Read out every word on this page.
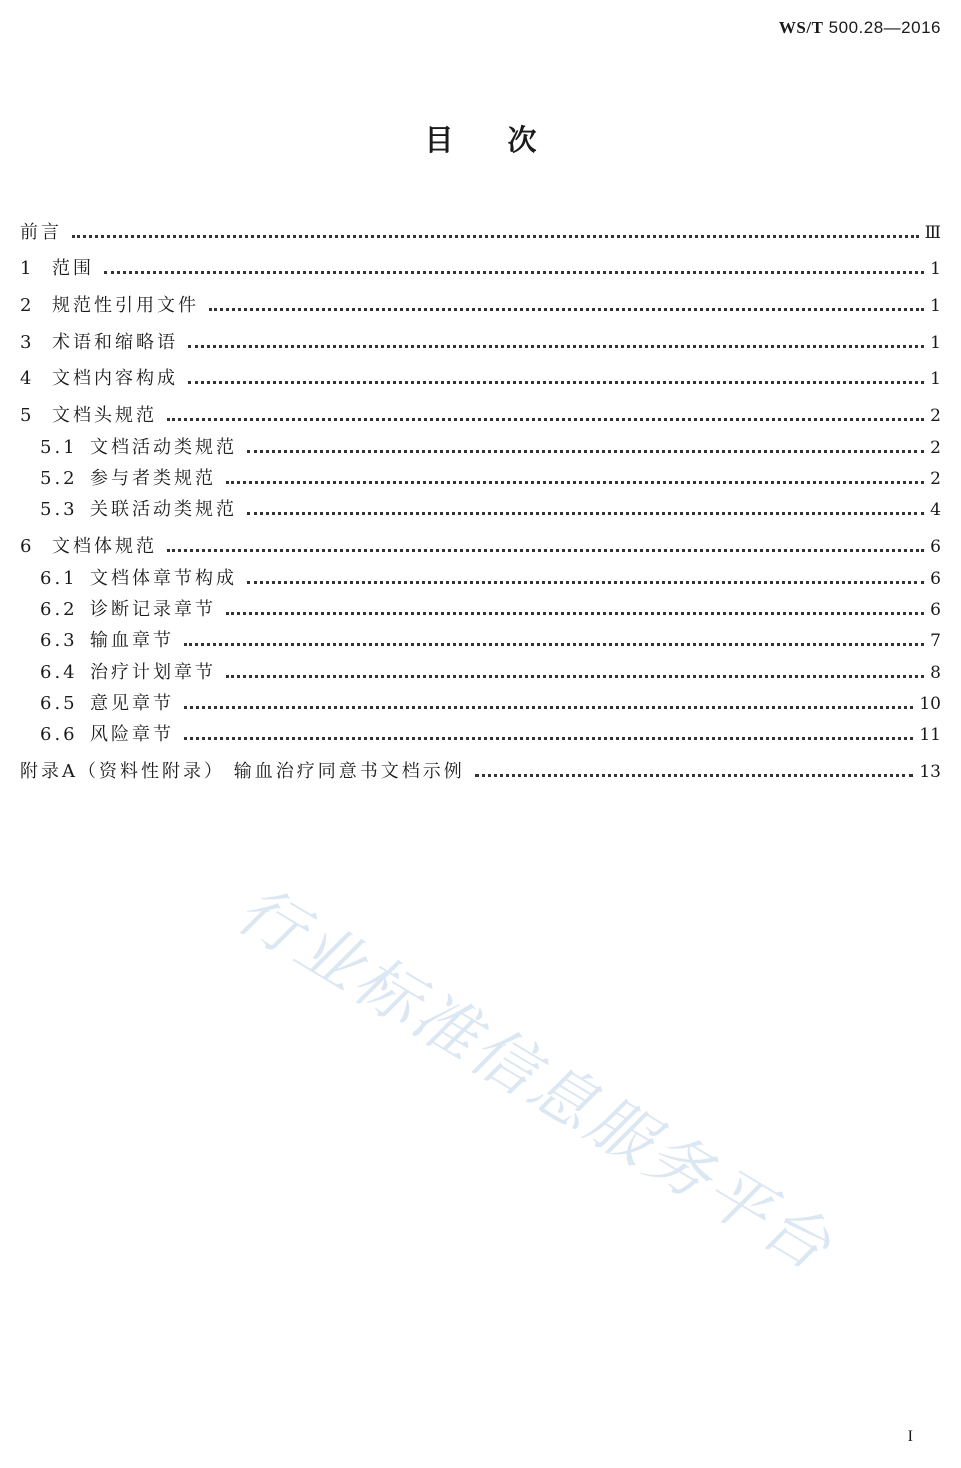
WS/T 500.28—2016
目次
前言	Ⅲ
1 范围	1
2 规范性引用文件	1
3 术语和缩略语	1
4 文档内容构成	1
5 文档头规范	2
5.1 文档活动类规范	2
5.2 参与者类规范	2
5.3 关联活动类规范	4
6 文档体规范	6
6.1 文档体章节构成	6
6.2 诊断记录章节	6
6.3 输血章节	7
6.4 治疗计划章节	8
6.5 意见章节	10
6.6 风险章节	11
附录A（资料性附录） 输血治疗同意书文档示例	13
行业标准信息服务平台
I
